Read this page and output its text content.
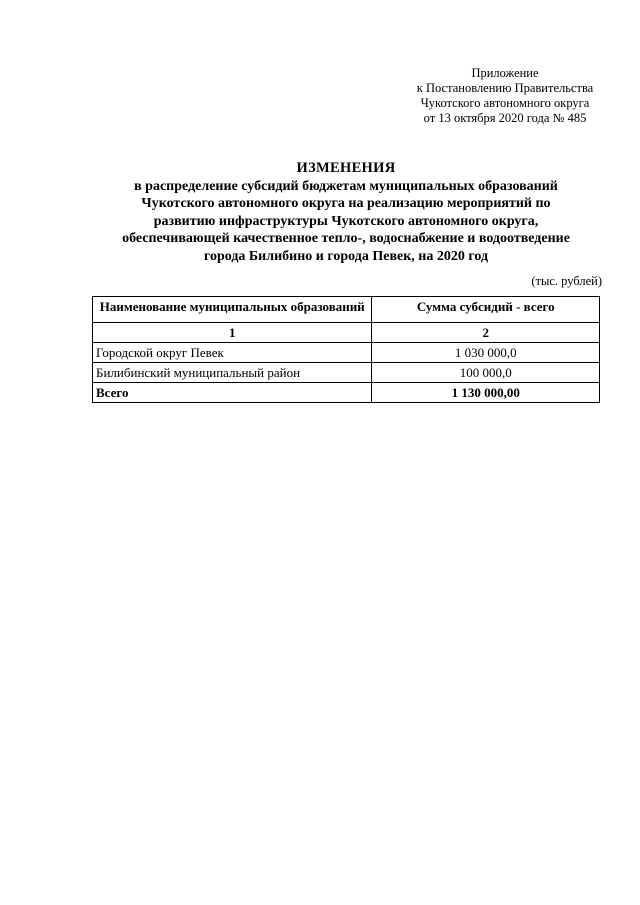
Приложение
к Постановлению Правительства
Чукотского автономного округа
от 13 октября 2020 года № 485
ИЗМЕНЕНИЯ
в распределение субсидий бюджетам муниципальных образований
Чукотского автономного округа на реализацию мероприятий по
развитию инфраструктуры Чукотского автономного округа,
обеспечивающей качественное тепло-, водоснабжение и водоотведение
города Билибино и города Певек, на 2020 год
(тыс. рублей)
Наименование муниципальных образований	Сумма субсидий - всего
1	2
Городской округ Певек	1 030 000,0
Билибинский муниципальный район	100 000,0
Всего	1 130 000,00
